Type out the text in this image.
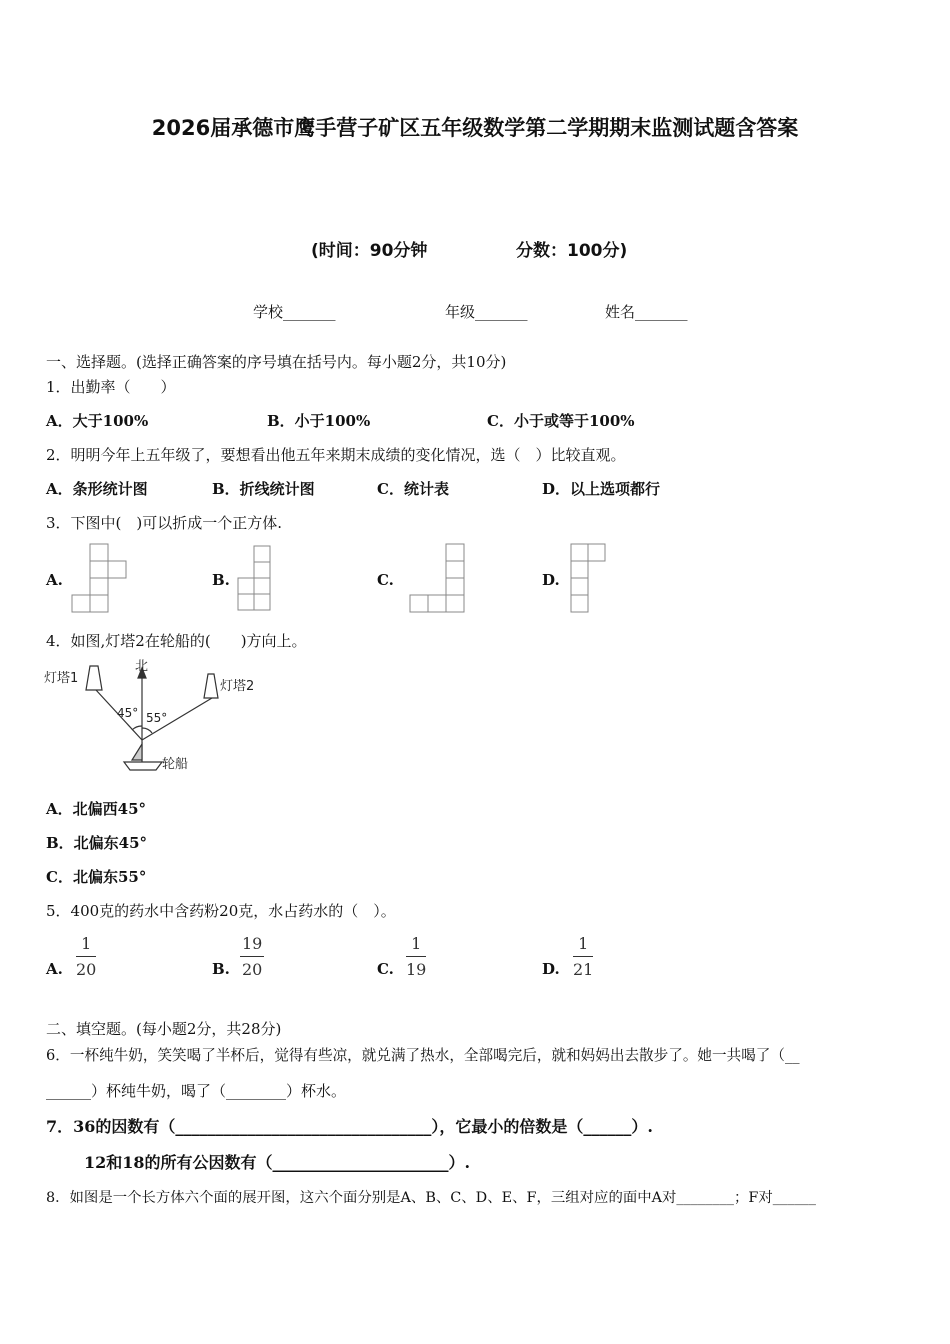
2026届承德市鹰手营子矿区五年级数学第二学期期末监测试题含答案
(时间：90分钟	分数：100分)
学校_______	年级_______	姓名_______
一、选择题。(选择正确答案的序号填在括号内。每小题2分，共10分)
1．出勤率（　　）
A．大于100%	B．小于100%	C．小于或等于100%
2．明明今年上五年级了，要想看出他五年来期末成绩的变化情况，选（　）比较直观。
A．条形统计图	B．折线统计图	C．统计表	D．以上选项都行
3．下图中(　)可以折成一个正方体.
A.	B.	C.	D.
4．如图,灯塔2在轮船的(　　)方向上。
北
灯塔1
灯塔2
轮船
45° 55°
A．北偏西45°
B．北偏东45°
C．北偏东55°
5．400克的药水中含药粉20克，水占药水的（　）。
A. $\frac{1}{20}$	B. $\frac{19}{20}$	C. $\frac{1}{19}$	D. $\frac{1}{21}$
二、填空题。(每小题2分，共28分)
6．一杯纯牛奶，笑笑喝了半杯后，觉得有些凉，就兑满了热水，全部喝完后，就和妈妈出去散步了。她一共喝了（__
______）杯纯牛奶，喝了（________）杯水。
7．36的因数有（________________________________），它最小的倍数是（______）.
12和18的所有公因数有（______________________）.
8．如图是一个长方体六个面的展开图，这六个面分别是A、B、C、D、E、F，三组对应的面中A对________；F对______
